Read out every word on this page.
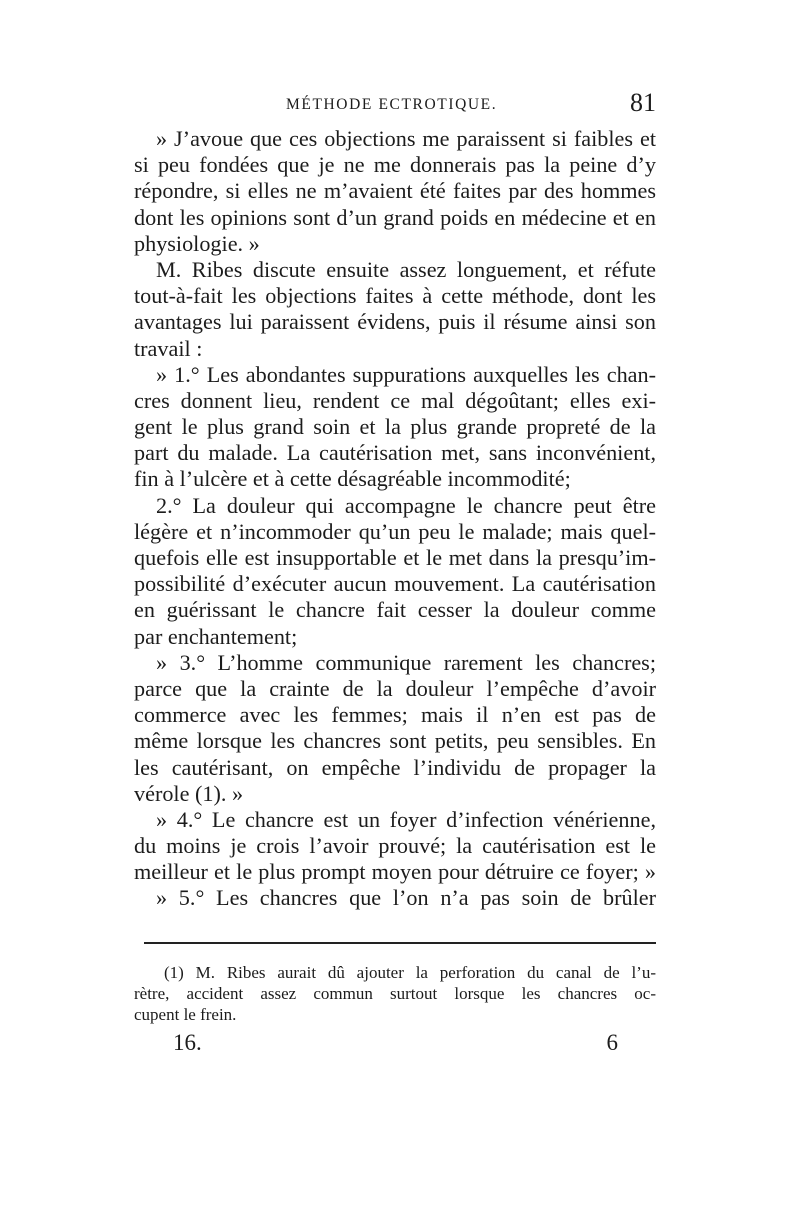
MÉTHODE ECTROTIQUE.	81
» J’avoue que ces objections me paraissent si faibles et
si peu fondées que je ne me donnerais pas la peine d’y
répondre, si elles ne m’avaient été faites par des hommes
dont les opinions sont d’un grand poids en médecine et en
physiologie. »
M. Ribes discute ensuite assez longuement, et réfute
tout-à-fait les objections faites à cette méthode, dont les
avantages lui paraissent évidens, puis il résume ainsi son
travail :
» 1.° Les abondantes suppurations auxquelles les chan-
cres donnent lieu, rendent ce mal dégoûtant; elles exi-
gent le plus grand soin et la plus grande propreté de la
part du malade. La cautérisation met, sans inconvénient,
fin à l’ulcère et à cette désagréable incommodité;
2.° La douleur qui accompagne le chancre peut être
légère et n’incommoder qu’un peu le malade; mais quel-
quefois elle est insupportable et le met dans la presqu’im-
possibilité d’exécuter aucun mouvement. La cautérisation
en guérissant le chancre fait cesser la douleur comme
par enchantement;
» 3.° L’homme communique rarement les chancres;
parce que la crainte de la douleur l’empêche d’avoir
commerce avec les femmes; mais il n’en est pas de
même lorsque les chancres sont petits, peu sensibles. En
les cautérisant, on empêche l’individu de propager la
vérole (1). »
» 4.° Le chancre est un foyer d’infection vénérienne,
du moins je crois l’avoir prouvé; la cautérisation est le
meilleur et le plus prompt moyen pour détruire ce foyer; »
» 5.° Les chancres que l’on n’a pas soin de brûler
(1) M. Ribes aurait dû ajouter la perforation du canal de l’u-
rètre, accident assez commun surtout lorsque les chancres oc-
cupent le frein.
16.	6
